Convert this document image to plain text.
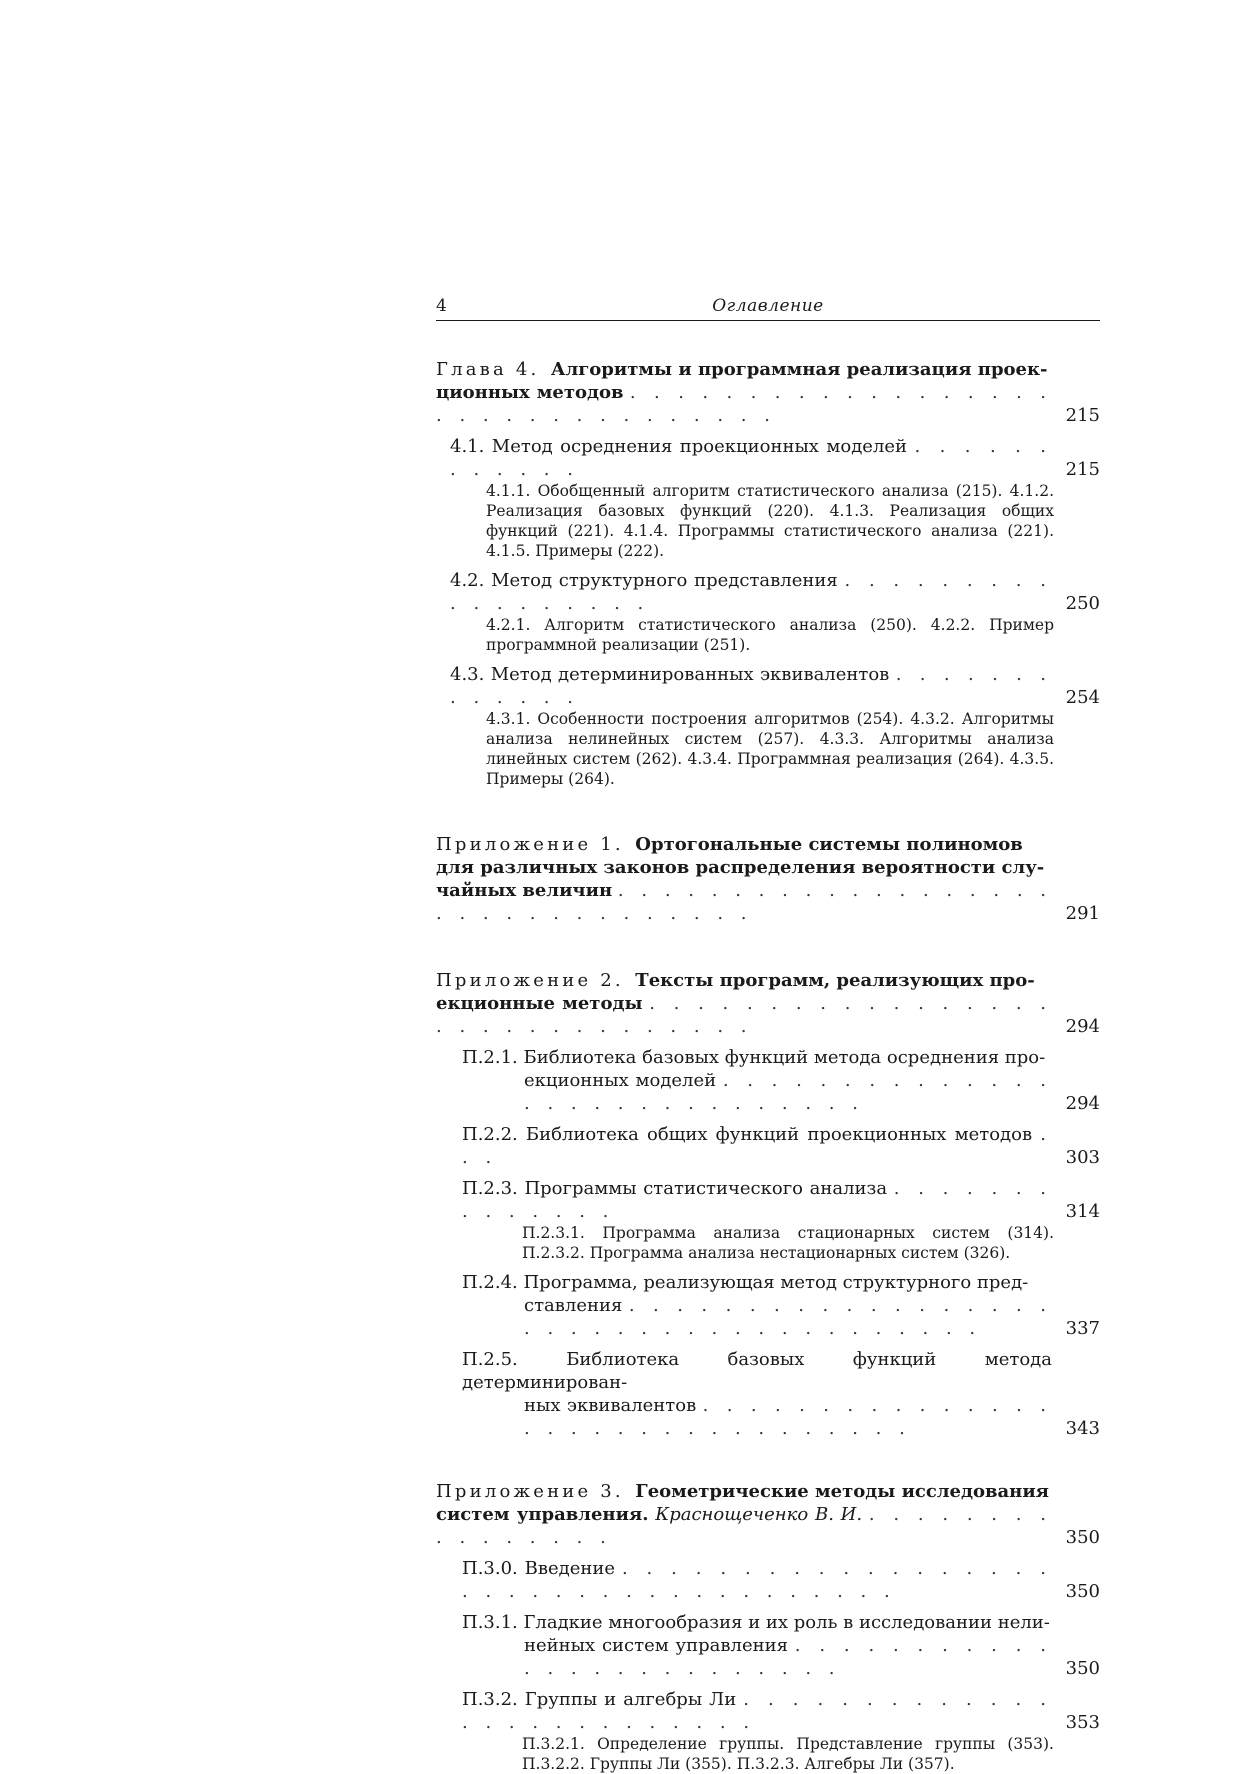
4	Оглавление
Глава 4. Алгоритмы и программная реализация проек-
ционных методов . . . . . . . . . . . . . . . . . . . . . . . . . . . . . . . . .	215
4.1. Метод осреднения проекционных моделей . . . . . . . . . . . .	215
4.1.1. Обобщенный алгоритм статистического анализа (215). 4.1.2. Реализация базовых функций (220). 4.1.3. Реализация общих функций (221). 4.1.4. Программы статистического анализа (221). 4.1.5. Примеры (222).
4.2. Метод структурного представления . . . . . . . . . . . . . . . . . .	250
4.2.1. Алгоритм статистического анализа (250). 4.2.2. Пример программной реализации (251).
4.3. Метод детерминированных эквивалентов . . . . . . . . . . . . .	254
4.3.1. Особенности построения алгоритмов (254). 4.3.2. Алгоритмы анализа нелинейных систем (257). 4.3.3. Алгоритмы анализа линейных систем (262). 4.3.4. Программная реализация (264). 4.3.5. Примеры (264).
Приложение 1. Ортогональные системы полиномов
для различных законов распределения вероятности слу-
чайных величин . . . . . . . . . . . . . . . . . . . . . . . . . . . . . . . . .	291
Приложение 2. Тексты программ, реализующих про-
екционные методы . . . . . . . . . . . . . . . . . . . . . . . . . . . . . . .	294
П.2.1. Библиотека базовых функций метода осреднения про-
екционных моделей . . . . . . . . . . . . . . . . . . . . . . . . . . . . .	294
П.2.2. Библиотека общих функций проекционных методов . . .	303
П.2.3. Программы статистического анализа . . . . . . . . . . . . . .	314
П.2.3.1. Программа анализа стационарных систем (314). П.2.3.2. Программа анализа нестационарных систем (326).
П.2.4. Программа, реализующая метод структурного пред-
ставления . . . . . . . . . . . . . . . . . . . . . . . . . . . . . . . . . . . . . .	337
П.2.5. Библиотека базовых функций метода детерминирован-
ных эквивалентов . . . . . . . . . . . . . . . . . . . . . . . . . . . . . . . .	343
Приложение 3. Геометрические методы исследования
систем управления. Краснощеченко В. И. . . . . . . . . . . . . . . . .	350
П.3.0. Введение . . . . . . . . . . . . . . . . . . . . . . . . . . . . . . . . . . . . .	350
П.3.1. Гладкие многообразия и их роль в исследовании нели-
нейных систем управления . . . . . . . . . . . . . . . . . . . . . . . . .	350
П.3.2. Группы и алгебры Ли . . . . . . . . . . . . . . . . . . . . . . . . . .	353
П.3.2.1. Определение группы. Представление группы (353). П.3.2.2. Группы Ли (355). П.3.2.3. Алгебры Ли (357).
